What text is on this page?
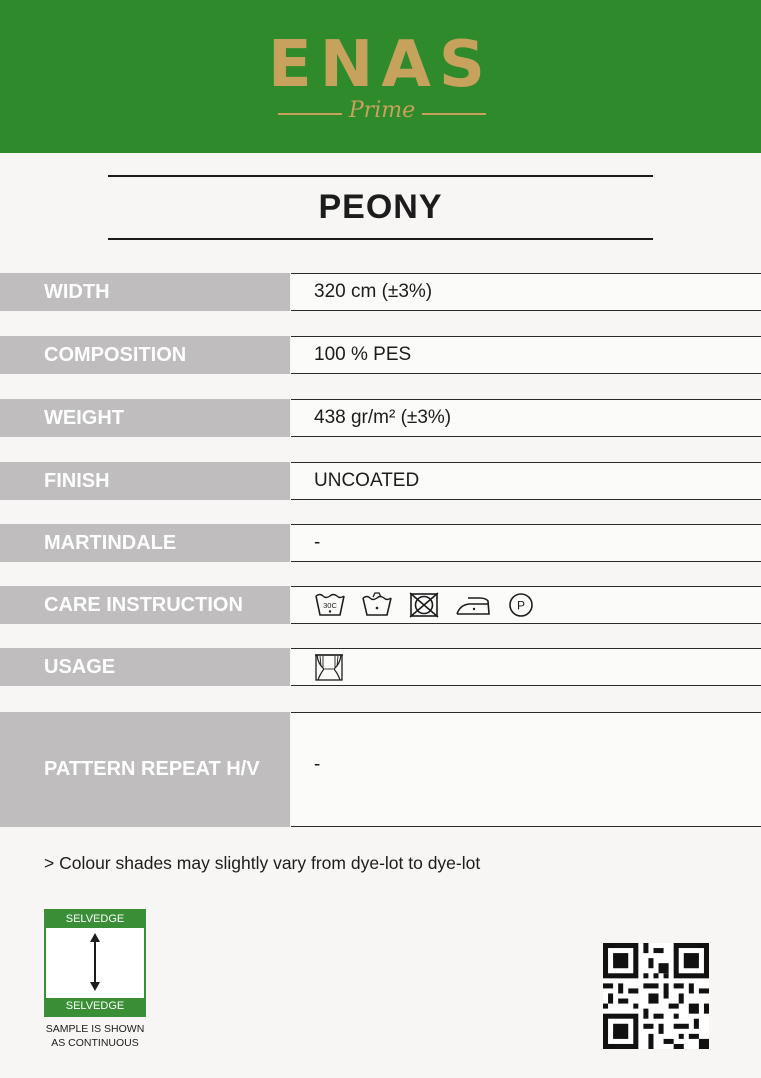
ENAS
Prime
PEONY
WIDTH	320 cm (±3%)
COMPOSITION	100 % PES
WEIGHT	438 gr/m² (±3%)
FINISH	UNCOATED
MARTINDALE	-
CARE INSTRUCTION	30C	P
USAGE
PATTERN REPEAT H/V	-
> Colour shades may slightly vary from dye-lot to dye-lot
SELVEDGE
SELVEDGE
SAMPLE IS SHOWN
AS CONTINUOUS
